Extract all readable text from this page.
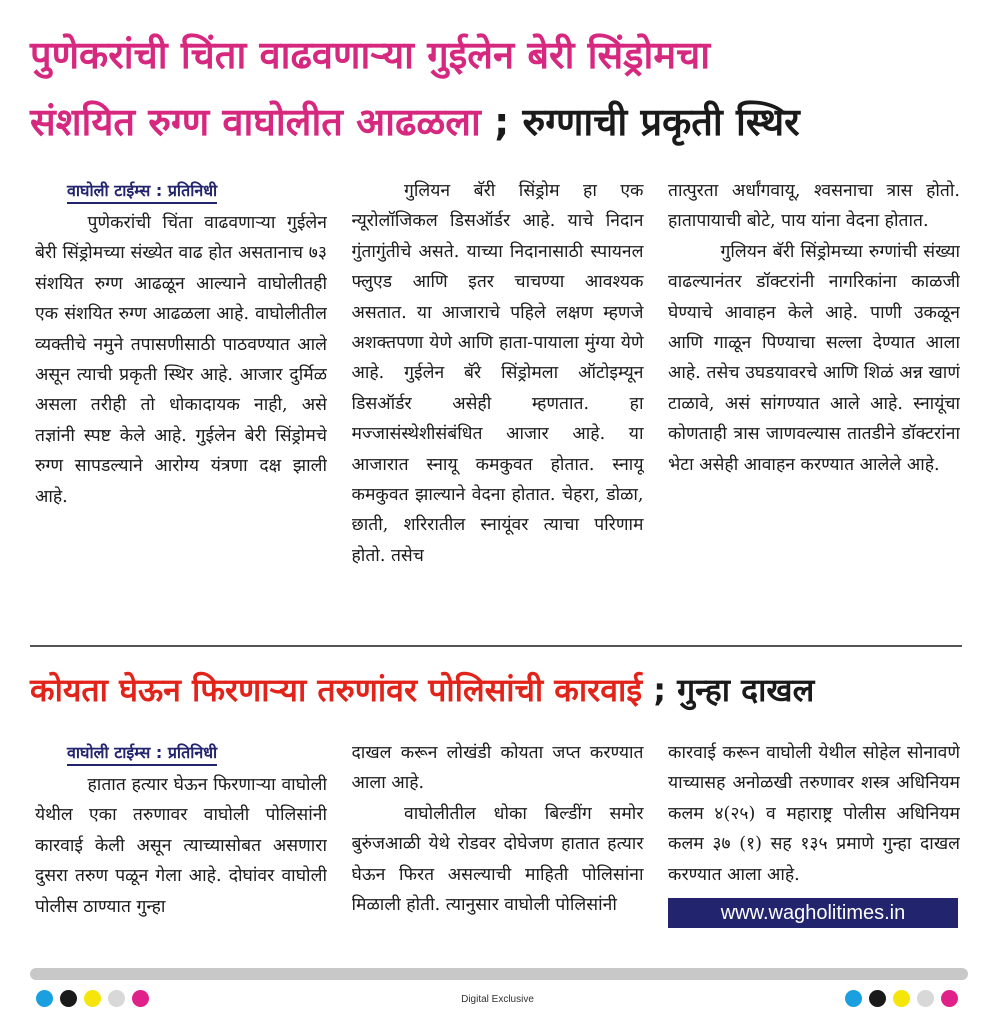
पुणेकरांची चिंता वाढवणाऱ्या गुईलेन बेरी सिंड्रोमचा
संशयित रुग्ण वाघोलीत आढळला ; रुग्णाची प्रकृती स्थिर
वाघोली टाईम्स : प्रतिनिधी

पुणेकरांची चिंता वाढवणाऱ्या गुईलेन बेरी सिंड्रोमच्या संख्येत वाढ होत असतानाच ७३ संशयित रुग्ण आढळून आल्याने वाघोलीतही एक संशयित रुग्ण आढळला आहे. वाघोलीतील व्यक्तीचे नमुने तपासणीसाठी पाठवण्यात आले असून त्याची प्रकृती स्थिर आहे. आजार दुर्मिळ असला तरीही तो धोकादायक नाही, असे तज्ञांनी स्पष्ट केले आहे. गुईलेन बेरी सिंड्रोमचे रुग्ण सापडल्याने आरोग्य यंत्रणा दक्ष झाली आहे.

गुलियन बॅरी सिंड्रोम हा एक न्यूरोलॉजिकल डिसऑर्डर आहे. याचे निदान गुंतागुंतीचे असते. याच्या निदानासाठी स्पायनल फ्लुएड आणि इतर चाचण्या आवश्यक असतात. या आजाराचे पहिले लक्षण म्हणजे अशक्तपणा येणे आणि हाता-पायाला मुंग्या येणे आहे. गुईलेन बॅरे सिंड्रोमला ऑटोइम्यून डिसऑर्डर असेही म्हणतात. हा मज्जासंस्थेशीसंबंधित आजार आहे. या आजारात स्नायू कमकुवत होतात. स्नायू कमकुवत झाल्याने वेदना होतात. चेहरा, डोळा, छाती, शरिरातील स्नायूंवर त्याचा परिणाम होतो. तसेच

तात्पुरता अर्धांगवायू, श्वसनाचा त्रास होतो. हातापायाची बोटे, पाय यांना वेदना होतात.

गुलियन बॅरी सिंड्रोमच्या रुग्णांची संख्या वाढल्यानंतर डॉक्टरांनी नागरिकांना काळजी घेण्याचे आवाहन केले आहे. पाणी उकळून आणि गाळून पिण्याचा सल्ला देण्यात आला आहे. तसेच उघडयावरचे आणि शिळं अन्न खाणं टाळावे, असं सांगण्यात आले आहे. स्नायूंचा कोणताही त्रास जाणवल्यास तातडीने डॉक्टरांना भेटा असेही आवाहन करण्यात आलेले आहे.

कोयता घेऊन फिरणाऱ्या तरुणांवर पोलिसांची कारवाई ; गुन्हा दाखल
वाघोली टाईम्स : प्रतिनिधी

हातात हत्यार घेऊन फिरणाऱ्या वाघोली येथील एका तरुणावर वाघोली पोलिसांनी कारवाई केली असून त्याच्यासोबत असणारा दुसरा तरुण पळून गेला आहे. दोघांवर वाघोली पोलीस ठाण्यात गुन्हा

दाखल करून लोखंडी कोयता जप्त करण्यात आला आहे.

वाघोलीतील धोका बिल्डींग समोर बुरुंजआळी येथे रोडवर दोघेजण हातात हत्यार घेऊन फिरत असल्याची माहिती पोलिसांना मिळाली होती. त्यानुसार वाघोली पोलिसांनी

कारवाई करून वाघोली येथील सोहेल सोनावणे याच्यासह अनोळखी तरुणावर शस्त्र अधिनियम कलम ४(२५) व महाराष्ट्र पोलीस अधिनियम कलम ३७ (१) सह १३५ प्रमाणे गुन्हा दाखल करण्यात आला आहे.

www.wagholitimes.in
Digital Exclusive
